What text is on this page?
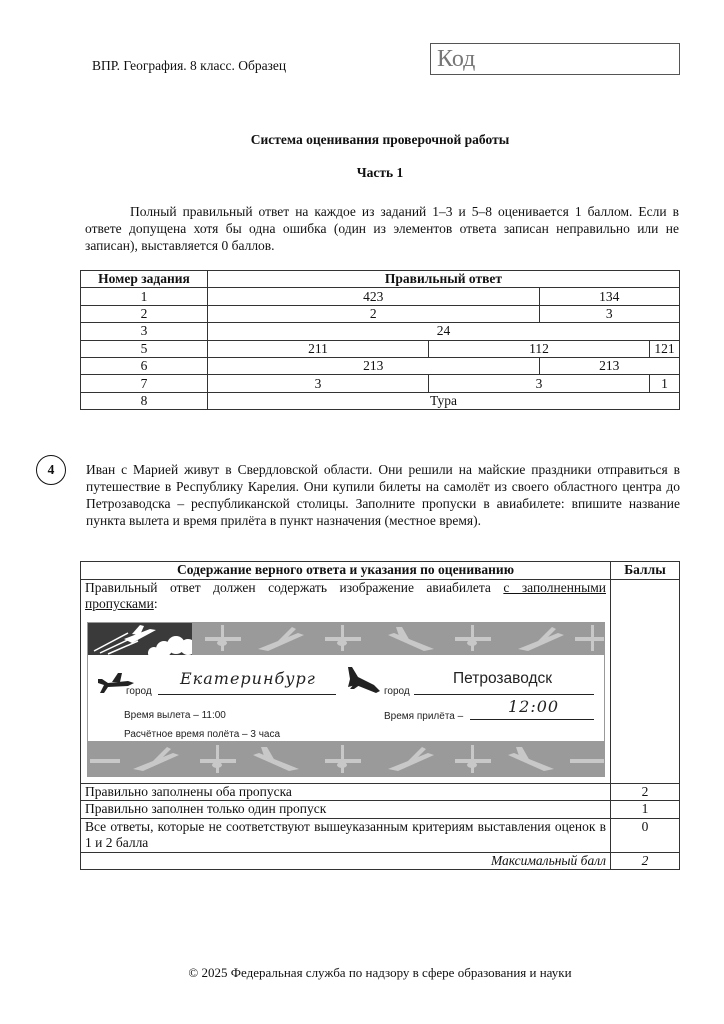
ВПР. География. 8 класс. Образец	Код
Система оценивания проверочной работы
Часть 1
Полный правильный ответ на каждое из заданий 1–3 и 5–8 оценивается 1 баллом. Если в ответе допущена хотя бы одна ошибка (один из элементов ответа записан неправильно или не записан), выставляется 0 баллов.
Номер задания	Правильный ответ			
1	423		134	
2	2		3	
3	24			
5	211	112		121
6	213		213	
7	3	3		1
8	Тура			
4	Иван с Марией живут в Свердловской области. Они решили на майские праздники отправиться в путешествие в Республику Карелия. Они купили билеты на самолёт из своего областного центра до Петрозаводска – республиканской столицы. Заполните пропуски в авиабилете: впишите название пункта вылета и время прилёта в пункт назначения (местное время).
Содержание верного ответа и указания по оцениванию	Баллы

Правильный ответ должен содержать изображение авиабилета с заполненными пропусками:
город
Екатеринбург
Время вылета – 11:00
Расчётное время полёта – 3 часа
город
Петрозаводск
Время прилёта –
12:00

Правильно заполнены оба пропуска	2
Правильно заполнен только один пропуск	1
Все ответы, которые не соответствуют вышеуказанным критериям выставления оценок в 1 и 2 балла	0
Максимальный балл	2
© 2025 Федеральная служба по надзору в сфере образования и науки
